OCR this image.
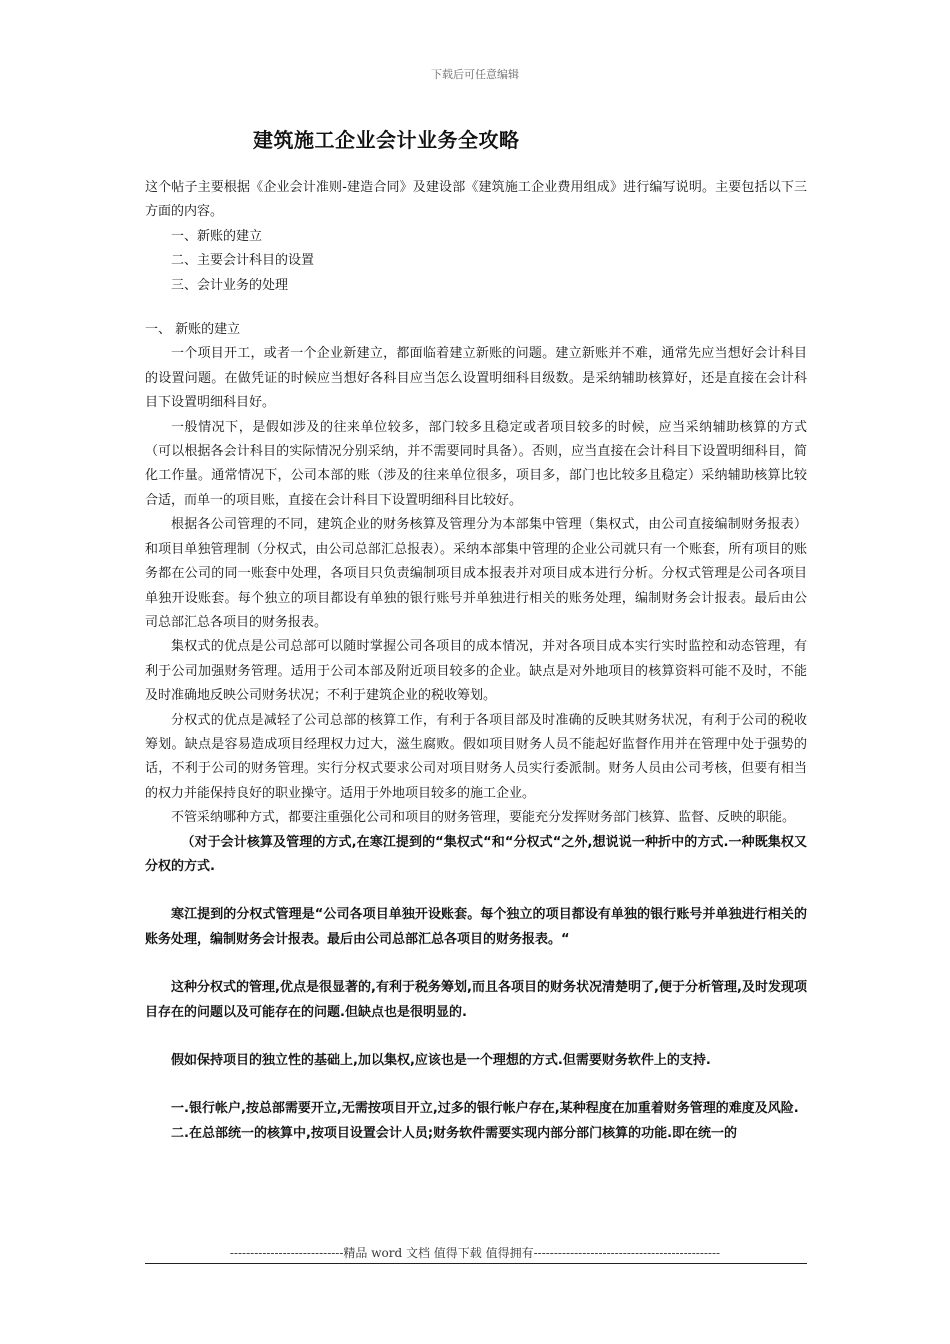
下载后可任意编辑
建筑施工企业会计业务全攻略

这个帖子主要根据《企业会计准则-建造合同》及建设部《建筑施工企业费用组成》进行编写说明。主要包括以下三方面的内容。

一、新账的建立

二、主要会计科目的设置

三、会计业务的处理

一、 新账的建立

一个项目开工，或者一个企业新建立，都面临着建立新账的问题。建立新账并不难，通常先应当想好会计科目的设置问题。在做凭证的时候应当想好各科目应当怎么设置明细科目级数。是采纳辅助核算好，还是直接在会计科目下设置明细科目好。

一般情况下，是假如涉及的往来单位较多，部门较多且稳定或者项目较多的时候，应当采纳辅助核算的方式（可以根据各会计科目的实际情况分别采纳，并不需要同时具备）。否则，应当直接在会计科目下设置明细科目，简化工作量。通常情况下，公司本部的账（涉及的往来单位很多，项目多，部门也比较多且稳定）采纳辅助核算比较合适，而单一的项目账，直接在会计科目下设置明细科目比较好。

根据各公司管理的不同，建筑企业的财务核算及管理分为本部集中管理（集权式，由公司直接编制财务报表）和项目单独管理制（分权式，由公司总部汇总报表）。采纳本部集中管理的企业公司就只有一个账套，所有项目的账务都在公司的同一账套中处理，各项目只负责编制项目成本报表并对项目成本进行分析。分权式管理是公司各项目单独开设账套。每个独立的项目都设有单独的银行账号并单独进行相关的账务处理，编制财务会计报表。最后由公司总部汇总各项目的财务报表。

集权式的优点是公司总部可以随时掌握公司各项目的成本情况，并对各项目成本实行实时监控和动态管理，有利于公司加强财务管理。适用于公司本部及附近项目较多的企业。缺点是对外地项目的核算资料可能不及时，不能及时准确地反映公司财务状况；不利于建筑企业的税收筹划。

分权式的优点是减轻了公司总部的核算工作，有利于各项目部及时准确的反映其财务状况，有利于公司的税收筹划。缺点是容易造成项目经理权力过大，滋生腐败。假如项目财务人员不能起好监督作用并在管理中处于强势的话，不利于公司的财务管理。实行分权式要求公司对项目财务人员实行委派制。财务人员由公司考核，但要有相当的权力并能保持良好的职业操守。适用于外地项目较多的施工企业。

不管采纳哪种方式，都要注重强化公司和项目的财务管理，要能充分发挥财务部门核算、监督、反映的职能。

（对于会计核算及管理的方式,在寒江提到的“集权式“和“分权式“之外,想说说一种折中的方式.一种既集权又分权的方式.

寒江提到的分权式管理是“公司各项目单独开设账套。每个独立的项目都设有单独的银行账号并单独进行相关的账务处理，编制财务会计报表。最后由公司总部汇总各项目的财务报表。“

这种分权式的管理,优点是很显著的,有利于税务筹划,而且各项目的财务状况清楚明了,便于分析管理,及时发现项目存在的问题以及可能存在的问题.但缺点也是很明显的.

假如保持项目的独立性的基础上,加以集权,应该也是一个理想的方式.但需要财务软件上的支持.

一.银行帐户,按总部需要开立,无需按项目开立,过多的银行帐户存在,某种程度在加重着财务管理的难度及风险.

二.在总部统一的核算中,按项目设置会计人员;财务软件需要实现内部分部门核算的功能.即在统一的

----------------------------精品 word 文档 值得下载 值得拥有----------------------------------------------
